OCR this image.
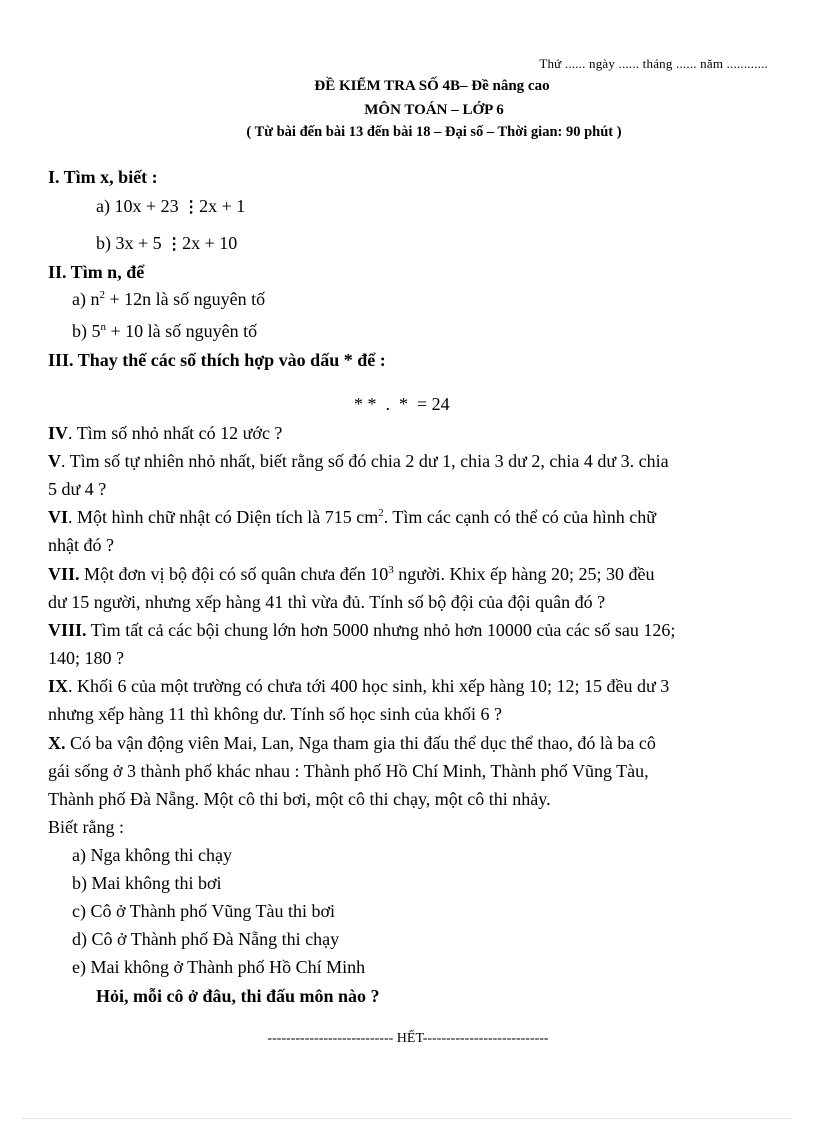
Thứ ...... ngày ...... tháng ...... năm ............
ĐỀ KIỂM TRA SỐ 4B– Đề nâng cao
MÔN TOÁN – LỚP 6
( Từ bài đến bài 13 đến bài 18 – Đại số – Thời gian: 90 phút )
I. Tìm x, biết :
a) 10x + 23 ⋮2x + 1
b) 3x + 5 ⋮2x + 10
II. Tìm n, để
a) $n^2 + 12n$ là số nguyên tố
b) $5^n + 10$ là số nguyên tố
III. Thay thế các số thích hợp vào dấu * để :
* *  .  *  = 24
IV. Tìm số nhỏ nhất có 12 ước ?
V. Tìm số tự nhiên nhỏ nhất, biết rằng số đó chia 2 dư 1, chia 3 dư 2, chia 4 dư 3. chia
5 dư 4 ?
VI. Một hình chữ nhật có Diện tích là 715 $cm^2$. Tìm các cạnh có thể có của hình chữ
nhật đó ?
VII. Một đơn vị bộ đội có số quân chưa đến $10^3$ người. Khix ếp hàng 20; 25; 30 đều
dư 15 người, nhưng xếp hàng 41 thì vừa đủ. Tính số bộ đội của đội quân đó ?
VIII. Tìm tất cả các bội chung lớn hơn 5000 nhưng nhỏ hơn 10000 của các số sau 126;
140; 180 ?
IX. Khối 6 của một trường có chưa tới 400 học sinh, khi xếp hàng 10; 12; 15 đều dư 3
nhưng xếp hàng 11 thì không dư. Tính số học sinh của khối 6 ?
X. Có ba vận động viên Mai, Lan, Nga tham gia thi đấu thể dục thể thao, đó là ba cô
gái sống ở 3 thành phố khác nhau : Thành phố Hồ Chí Minh, Thành phố Vũng Tàu,
Thành phố Đà Nẵng. Một cô thi bơi, một cô thi chạy, một cô thi nhảy.
Biết rằng :
a) Nga không thi chạy
b) Mai không thi bơi
c) Cô ở Thành phố Vũng Tàu thi bơi
d) Cô ở Thành phố Đà Nẵng thi chạy
e) Mai không ở Thành phố Hồ Chí Minh
Hỏi, mỗi cô ở đâu, thi đấu môn nào ?
--------------------------- HẾT---------------------------
